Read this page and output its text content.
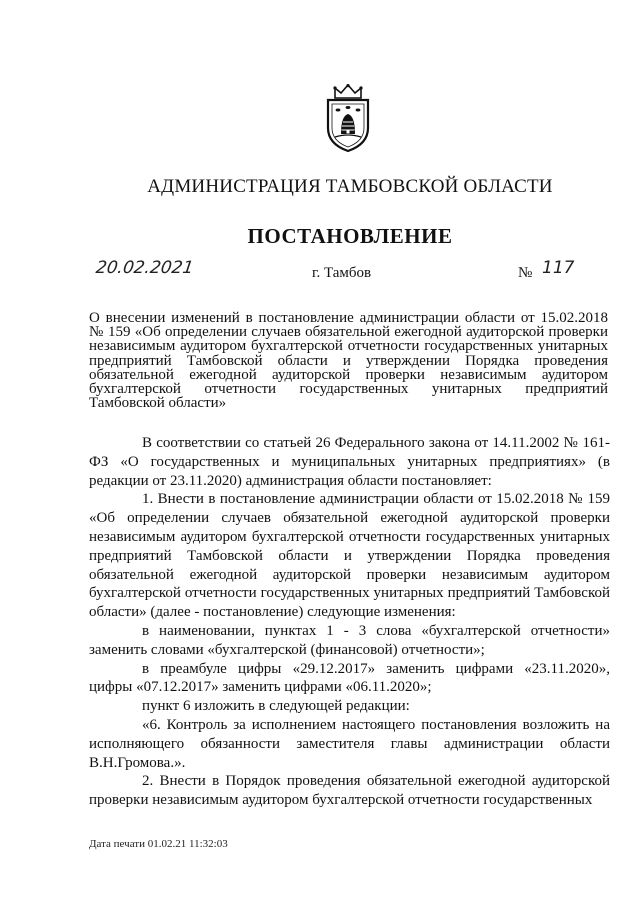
АДМИНИСТРАЦИЯ ТАМБОВСКОЙ ОБЛАСТИ
ПОСТАНОВЛЕНИЕ
20.02.2021	г. Тамбов	№ 117
О внесении изменений в постановление администрации области от 15.02.2018 № 159 «Об определении случаев обязательной ежегодной аудиторской проверки независимым аудитором бухгалтерской отчетности государственных унитарных предприятий Тамбовской области и утверждении Порядка проведения обязательной ежегодной аудиторской проверки независимым аудитором бухгалтерской отчетности государственных унитарных предприятий Тамбовской области»

В соответствии со статьей 26 Федерального закона от 14.11.2002 № 161-ФЗ «О государственных и муниципальных унитарных предприятиях» (в редакции от 23.11.2020) администрация области постановляет:

1. Внести в постановление администрации области от 15.02.2018 № 159 «Об определении случаев обязательной ежегодной аудиторской проверки независимым аудитором бухгалтерской отчетности государственных унитарных предприятий Тамбовской области и утверждении Порядка проведения обязательной ежегодной аудиторской проверки независимым аудитором бухгалтерской отчетности государственных унитарных предприятий Тамбовской области» (далее - постановление) следующие изменения:

в наименовании, пунктах 1 - 3 слова «бухгалтерской отчетности» заменить словами «бухгалтерской (финансовой) отчетности»;

в преамбуле цифры «29.12.2017» заменить цифрами «23.11.2020», цифры «07.12.2017» заменить цифрами «06.11.2020»;

пункт 6 изложить в следующей редакции:

«6. Контроль за исполнением настоящего постановления возложить на исполняющего обязанности заместителя главы администрации области В.Н.Громова.».

2. Внести в Порядок проведения обязательной ежегодной аудиторской проверки независимым аудитором бухгалтерской отчетности государственных

Дата печати 01.02.21 11:32:03
